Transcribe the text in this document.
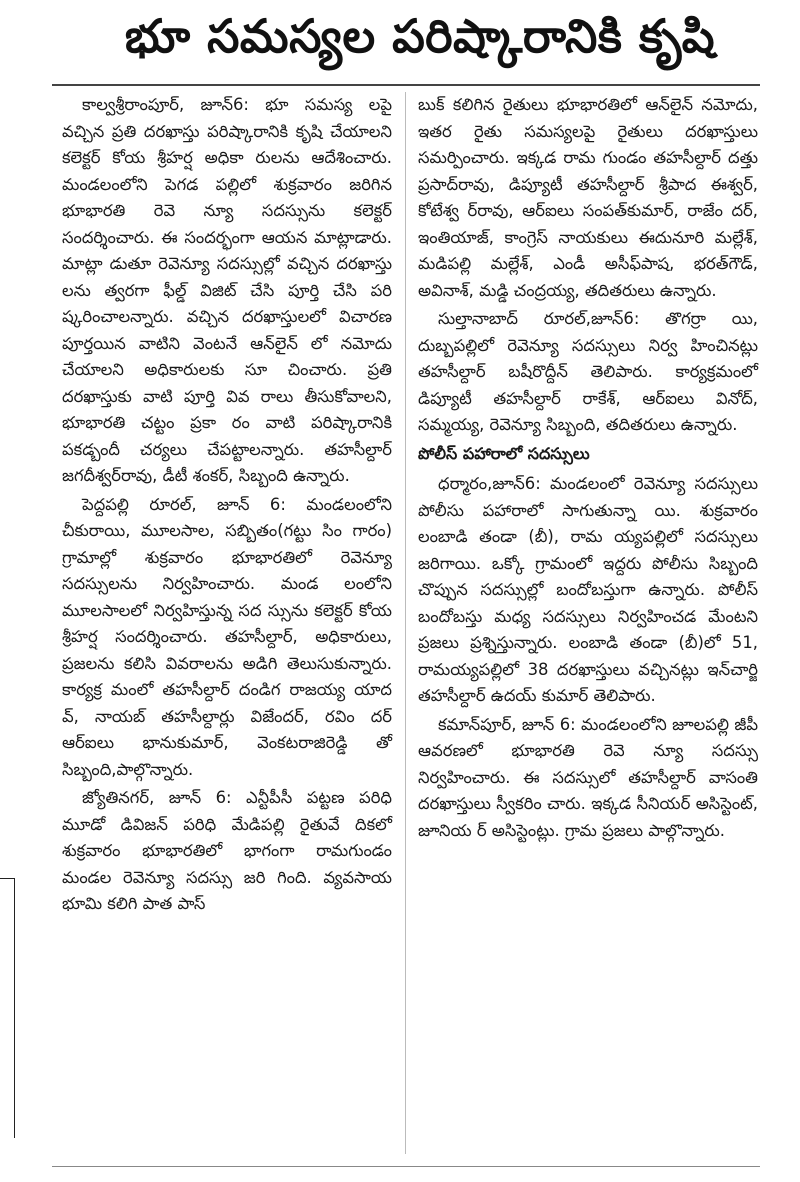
భూ సమస్యల పరిష్కారానికి కృషి

కాల్వశ్రీరాంపూర్, జూన్6: భూ సమస్య లపై వచ్చిన ప్రతి దరఖాస్తు పరిష్కారానికి కృషి చేయాలని కలెక్టర్ కోయ శ్రీహర్ష అధికా రులను ఆదేశించారు. మండలంలోని పెగడ పల్లిలో శుక్రవారం జరిగిన భూభారతి రెవె న్యూ సదస్సును కలెక్టర్ సందర్శించారు. ఈ సందర్భంగా ఆయన మాట్లాడారు. మాట్లా డుతూ రెవెన్యూ సదస్సుల్లో వచ్చిన దరఖాస్తు లను త్వరగా ఫీల్డ్ విజిట్ చేసి పూర్తి చేసి పరి ష్కరించాలన్నారు. వచ్చిన దరఖాస్తులలో విచారణ పూర్తయిన వాటిని వెంటనే ఆన్‌లైన్ లో నమోదు చేయాలని అధికారులకు సూ చించారు. ప్రతి దరఖాస్తుకు వాటి పూర్తి వివ రాలు తీసుకోవాలని, భూభారతి చట్టం ప్రకా రం వాటి పరిష్కారానికి పకడ్బందీ చర్యలు చేపట్టాలన్నారు. తహసీల్దార్ జగదీశ్వర్‌రావు, డీటీ శంకర్, సిబ్బంది ఉన్నారు.

పెద్దపల్లి రూరల్, జూన్ 6: మండలంలోని చీకురాయి, మూలసాల, సబ్బితం(గట్టు సిం గారం) గ్రామాల్లో శుక్రవారం భూభారతిలో రెవెన్యూ సదస్సులను నిర్వహించారు. మండ లంలోని మూలసాలలో నిర్వహిస్తున్న సద స్సును కలెక్టర్ కోయ శ్రీహర్ష సందర్శించారు. తహసీల్దార్, అధికారులు, ప్రజలను కలిసి వివరాలను అడిగి తెలుసుకున్నారు. కార్యక్ర మంలో తహసీల్దార్ దండిగ రాజయ్య యాద వ్, నాయబ్ తహసీల్దార్లు విజేందర్, రవిం దర్ ఆర్‌ఐలు భానుకుమార్, వెంకటరాజిరెడ్డి తో సిబ్బంది,పాల్గొన్నారు.

జ్యోతినగర్, జూన్ 6: ఎన్టీపీసీ పట్టణ పరిధి మూడో డివిజన్ పరిధి మేడిపల్లి రైతువే దికలో శుక్రవారం భూభారతిలో భాగంగా రామగుండం మండల రెవెన్యూ సదస్సు జరి గింది. వ్యవసాయ భూమి కలిగి పాత పాస్

బుక్ కలిగిన రైతులు భూభారతిలో ఆన్‌లైన్ నమోదు, ఇతర రైతు సమస్యలపై రైతులు దరఖాస్తులు సమర్పించారు. ఇక్కడ రామ గుండం తహసీల్దార్ దత్తు ప్రసాద్‌రావు, డిప్యూటీ తహసీల్దార్ శ్రీపాద ఈశ్వర్, కోటేశ్వ ర్‌రావు, ఆర్‌ఐలు సంపత్‌కుమార్, రాజేం దర్, ఇంతియాజ్, కాంగ్రెస్ నాయకులు ఈదునూరి మల్లేశ్, మడిపల్లి మల్లేశ్, ఎండీ అసీఫ్‌పాష, భరత్‌గౌడ్, అవినాశ్, మడ్డి చంద్రయ్య, తదితరులు ఉన్నారు.

సుల్తానాబాద్ రూరల్,జూన్6: తొగర్రా యి, దుబ్బపల్లిలో రెవెన్యూ సదస్సులు నిర్వ హించినట్లు తహసీల్దార్ బషీరొద్దీన్ తెలిపారు. కార్యక్రమంలో డిప్యూటీ తహసీల్దార్ రాకేశ్, ఆర్‌ఐలు వినోద్, సమ్మయ్య, రెవెన్యూ సిబ్బంది, తదితరులు ఉన్నారు.

పోలీస్ పహారాలో సదస్సులు

ధర్మారం,జూన్6: మండలంలో రెవెన్యూ సదస్సులు పోలీసు పహారాలో సాగుతున్నా యి. శుక్రవారం లంబాడి తండా (బీ), రామ య్యపల్లిలో సదస్సులు జరిగాయి. ఒక్కో గ్రామంలో ఇద్దరు పోలీసు సిబ్బంది చొప్పున సదస్సుల్లో బందోబస్తుగా ఉన్నారు. పోలీస్ బందోబస్తు మధ్య సదస్సులు నిర్వహించడ మేంటని ప్రజలు ప్రశ్నిస్తున్నారు. లంబాడి తండా (బీ)లో 51, రామయ్యపల్లిలో 38 దరఖాస్తులు వచ్చినట్లు ఇన్‌చార్జి తహసీల్దార్ ఉదయ్ కుమార్ తెలిపారు.

కమాన్‌పూర్, జూన్ 6: మండలంలోని జూలపల్లి జీపీ ఆవరణలో భూభారతి రెవె న్యూ సదస్సు నిర్వహించారు. ఈ సదస్సులో తహసీల్దార్ వాసంతి దరఖాస్తులు స్వీకరిం చారు. ఇక్కడ సీనియర్ అసిస్టెంట్, జూనియ ర్ అసిస్టెంట్లు. గ్రామ ప్రజలు పాల్గొన్నారు.
